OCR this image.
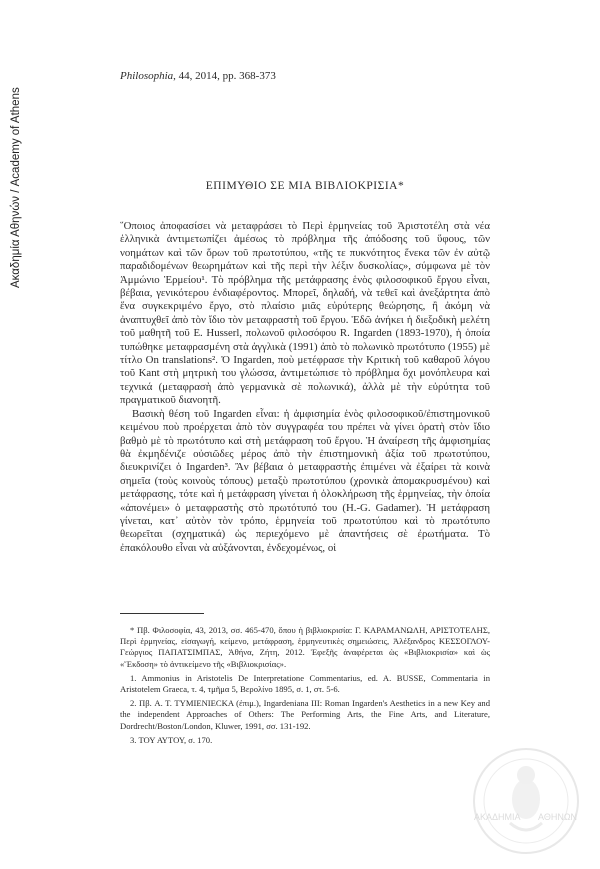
Ακαδημία Αθηνών / Academy of Athens
Philosophia, 44, 2014, pp. 368-373
ΕΠΙΜΥΘΙΟ ΣΕ ΜΙΑ ΒΙΒΛΙΟΚΡΙΣΙΑ*

῞Οποιος ἀποφασίσει νὰ μεταφράσει τὸ Περὶ ἑρμηνείας τοῦ Ἀριστοτέλη στὰ νέα ἑλληνικὰ ἀντιμετωπίζει ἀμέσως τὸ πρόβλημα τῆς ἀπόδοσης τοῦ ὕφους, τῶν νοημάτων καὶ τῶν ὅρων τοῦ πρωτοτύπου, «τῆς τε πυκνότητος ἕνεκα τῶν ἐν αὐτῷ παραδιδομένων θεωρημάτων καὶ τῆς περὶ τὴν λέξιν δυσκολίας», σύμφωνα μὲ τὸν Ἀμμώνιο Ἑρμείου¹. Τὸ πρόβλημα τῆς μετάφρασης ἑνὸς φιλοσοφικοῦ ἔργου εἶναι, βέβαια, γενικότερου ἐνδιαφέροντος. Μπορεῖ, δηλαδή, νὰ τεθεῖ καὶ ἀνεξάρτητα ἀπὸ ἕνα συγκεκριμένο ἔργο, στὸ πλαίσιο μιᾶς εὐρύτερης θεώρησης, ἢ ἀκόμη νὰ ἀναπτυχθεῖ ἀπὸ τὸν ἴδιο τὸν μεταφραστὴ τοῦ ἔργου. Ἐδῶ ἀνήκει ἡ διεξοδικὴ μελέτη τοῦ μαθητῆ τοῦ E. Husserl, πολωνοῦ φιλοσόφου R. Ingarden (1893-1970), ἡ ὁποία τυπώθηκε μεταφρασμένη στὰ ἀγγλικὰ (1991) ἀπὸ τὸ πολωνικὸ πρωτότυπο (1955) μὲ τίτλο On translations². Ὁ Ingarden, ποὺ μετέφρασε τὴν Κριτικὴ τοῦ καθαροῦ λόγου τοῦ Kant στὴ μητρικὴ του γλώσσα, ἀντιμετώπισε τὸ πρόβλημα ὄχι μονόπλευρα καὶ τεχνικά (μεταφρασὴ ἀπὸ γερμανικὰ σὲ πολωνικά), ἀλλὰ μὲ τὴν εὐρύτητα τοῦ πραγματικοῦ διανοητῆ.

Βασικὴ θέση τοῦ Ingarden εἶναι: ἡ ἀμφισημία ἑνὸς φιλοσοφικοῦ/ἐπιστημονικοῦ κειμένου ποὺ προέρχεται ἀπὸ τὸν συγγραφέα του πρέπει νὰ γίνει ὁρατὴ στὸν ἴδιο βαθμὸ μὲ τὸ πρωτότυπο καὶ στὴ μετάφραση τοῦ ἔργου. Ἡ ἀναίρεση τῆς ἀμφισημίας θὰ ἐκμηδένιζε οὐσιῶδες μέρος ἀπὸ τὴν ἐπιστημονικὴ ἀξία τοῦ πρωτοτύπου, διευκρινίζει ὁ Ingarden³. Ἂν βέβαια ὁ μεταφραστὴς ἐπιμένει νὰ ἐξαίρει τὰ κοινὰ σημεῖα (τοὺς κοινοὺς τόπους) μεταξὺ πρωτοτύπου (χρονικὰ ἀπομακρυσμένου) καὶ μετάφρασης, τότε καὶ ἡ μετάφραση γίνεται ἡ ὁλοκλήρωση τῆς ἑρμηνείας, τὴν ὁποία «ἀπονέμει» ὁ μεταφραστὴς στὸ πρωτότυπό του (H.-G. Gadamer). Ἡ μετάφραση γίνεται, κατ᾽ αὐτὸν τὸν τρόπο, ἑρμηνεία τοῦ πρωτοτύπου καὶ τὸ πρωτότυπο θεωρεῖται (σχηματικά) ὡς περιεχόμενο μὲ ἀπαντήσεις σὲ ἐρωτήματα. Τὸ ἐπακόλουθο εἶναι νὰ αὐξάνονται, ἐνδεχομένως, οἱ

* Πβ. Φιλοσοφία, 43, 2013, σσ. 465-470, ὅπου ἡ βιβλιοκρισία: Γ. ΚΑΡΑΜΑΝΩΛΗ, ΑΡΙΣΤΟΤΕΛΗΣ, Περὶ ἑρμηνείας, εἰσαγωγή, κείμενο, μετάφραση, ἑρμηνευτικὲς σημειώσεις, Ἀλέξανδρος ΚΕΣΣΟΓΛΟΥ-Γεώργιος ΠΑΠΑΤΣΙΜΠΑΣ, Ἀθήνα, Ζήτη, 2012. Ἐφεξῆς ἀναφέρεται ὡς «Βιβλιοκρισία» καὶ ὡς «Ἔκδοση» τὸ ἀντικείμενο τῆς «Βιβλιοκρισίας».

1. Ammonius in Aristotelis De Interpretatione Commentarius, ed. A. BUSSE, Commentaria in Aristotelem Graeca, τ. 4, τμῆμα 5, Βερολίνο 1895, σ. 1, στ. 5-6.

2. Πβ. A. T. TYMIENIECKA (ἐπιμ.), Ingardeniana III: Roman Ingarden's Aesthetics in a new Key and the independent Approaches of Others: The Performing Arts, the Fine Arts, and Literature, Dordrecht/Boston/London, Kluwer, 1991, σσ. 131-192.

3. ΤΟΥ ΑΥΤΟΥ, σ. 170.

ΑΚΑΔΗΜΙΑ ΑΘΗΝΩΝ
